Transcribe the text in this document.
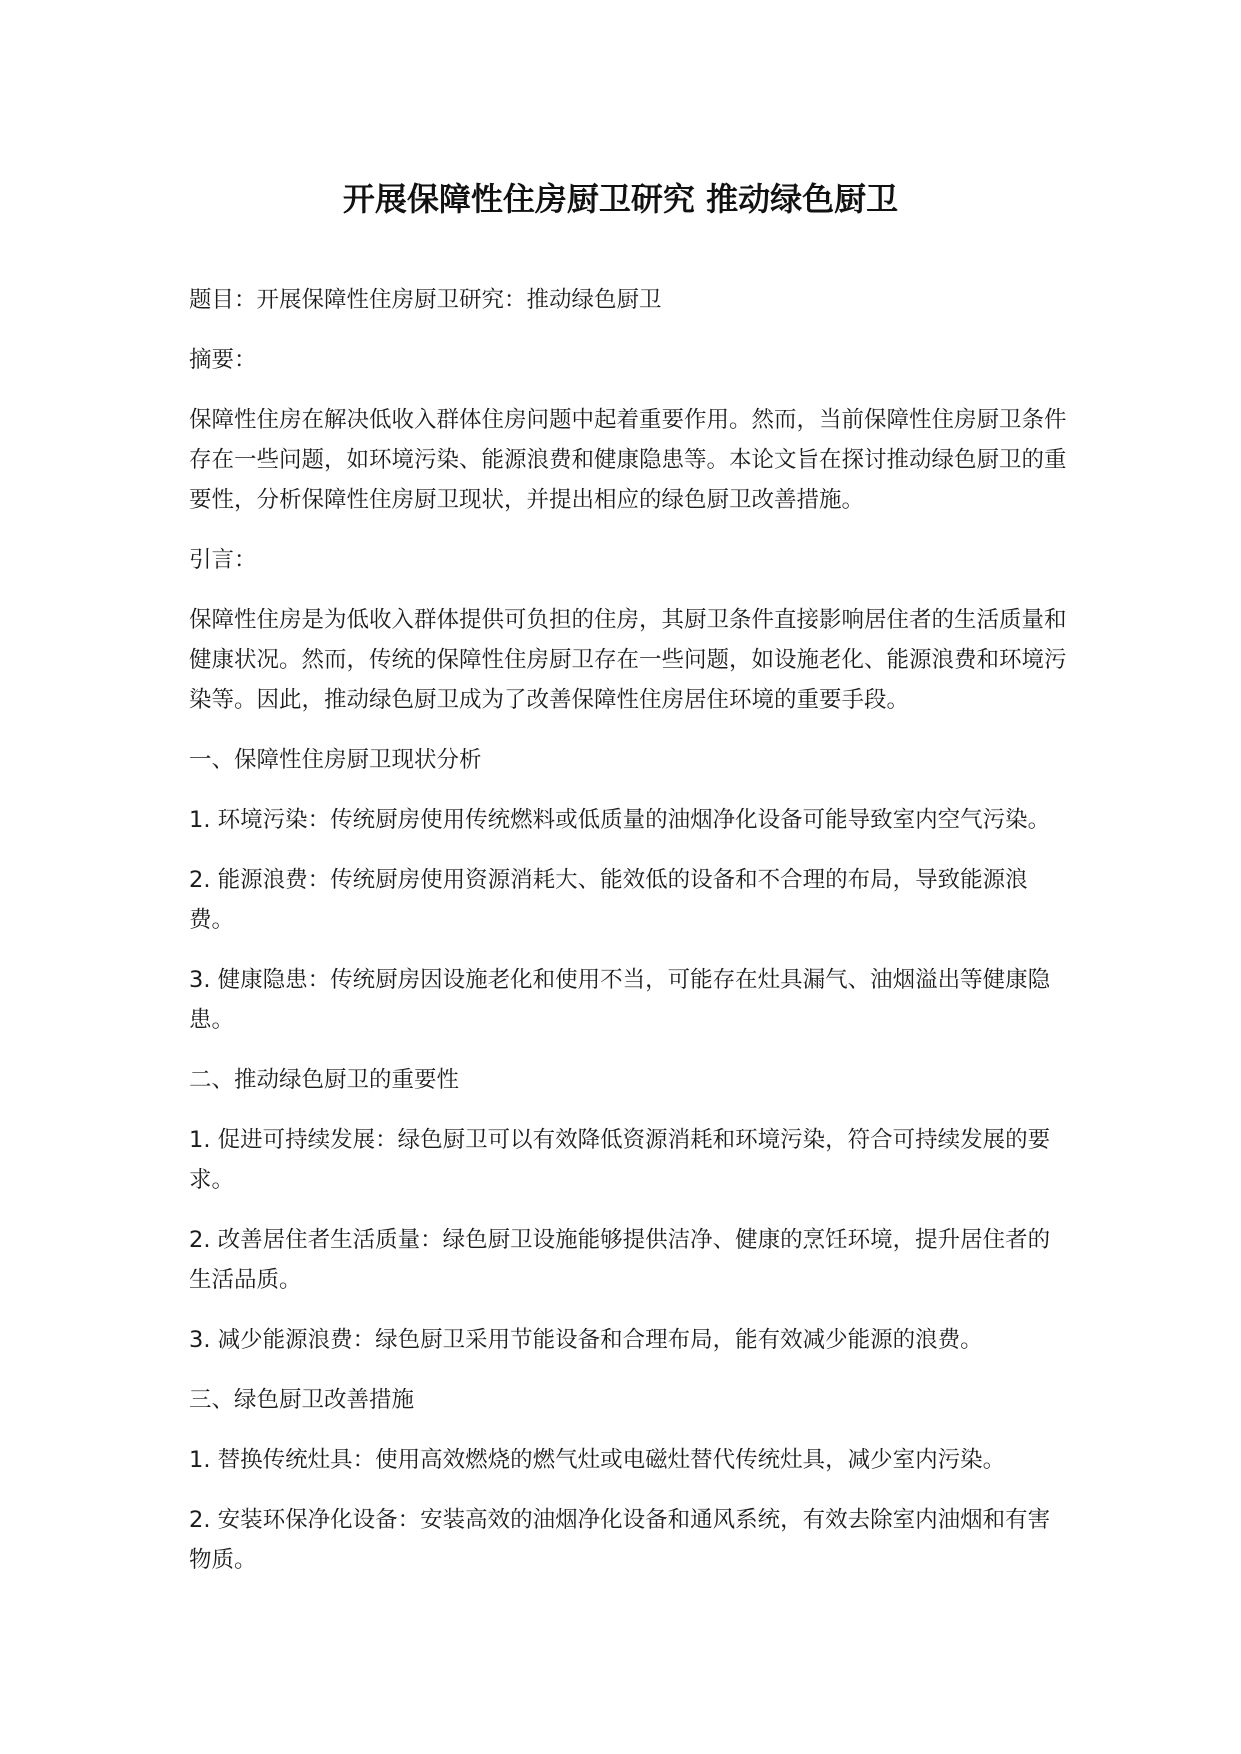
开展保障性住房厨卫研究 推动绿色厨卫

题目：开展保障性住房厨卫研究：推动绿色厨卫

摘要：

保障性住房在解决低收入群体住房问题中起着重要作用。然而，当前保障性住房厨卫条件存在一些问题，如环境污染、能源浪费和健康隐患等。本论文旨在探讨推动绿色厨卫的重要性，分析保障性住房厨卫现状，并提出相应的绿色厨卫改善措施。

引言：

保障性住房是为低收入群体提供可负担的住房，其厨卫条件直接影响居住者的生活质量和健康状况。然而，传统的保障性住房厨卫存在一些问题，如设施老化、能源浪费和环境污染等。因此，推动绿色厨卫成为了改善保障性住房居住环境的重要手段。

一、保障性住房厨卫现状分析

1. 环境污染：传统厨房使用传统燃料或低质量的油烟净化设备可能导致室内空气污染。

2. 能源浪费：传统厨房使用资源消耗大、能效低的设备和不合理的布局，导致能源浪费。

3. 健康隐患：传统厨房因设施老化和使用不当，可能存在灶具漏气、油烟溢出等健康隐患。

二、推动绿色厨卫的重要性

1. 促进可持续发展：绿色厨卫可以有效降低资源消耗和环境污染，符合可持续发展的要求。

2. 改善居住者生活质量：绿色厨卫设施能够提供洁净、健康的烹饪环境，提升居住者的生活品质。

3. 减少能源浪费：绿色厨卫采用节能设备和合理布局，能有效减少能源的浪费。

三、绿色厨卫改善措施

1. 替换传统灶具：使用高效燃烧的燃气灶或电磁灶替代传统灶具，减少室内污染。

2. 安装环保净化设备：安装高效的油烟净化设备和通风系统，有效去除室内油烟和有害物质。
